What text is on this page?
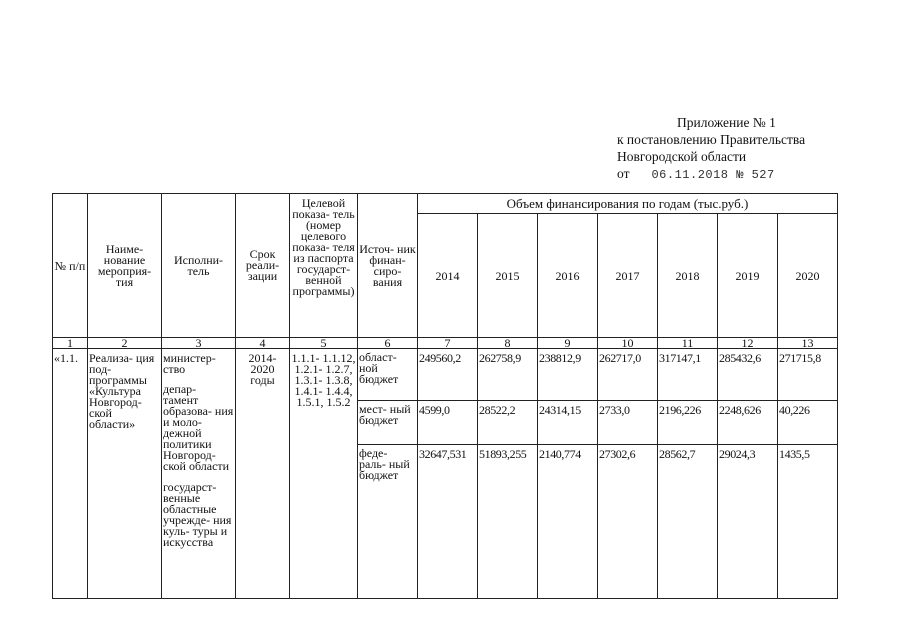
Приложение № 1
к постановлению Правительства
Новгородской области
от 06.11.2018 № 527
№ п/п	Наиме- нование мероприя- тия	Исполни- тель	Срок реали- зации	Целевой показа- тель (номер целевого показа- теля из паспорта государст- венной программы)	Источ- ник финан- сиро- вания	Объем финансирования по годам (тыс.руб.)						
						2014	2015	2016	2017	2018	2019	2020
1	2	3	4	5	6	7	8	9	10	11	12	13
«1.1.	Реализа- ция под- программы «Культура Новгород- ской области»	министер- ство
депар- тамент образова- ния и моло- дежной политики Новгород- ской области
государст- венные областные учрежде- ния куль- туры и искусства	2014- 2020 годы	1.1.1- 1.1.12, 1.2.1- 1.2.7, 1.3.1- 1.3.8, 1.4.1- 1.4.4, 1.5.1, 1.5.2	област- ной бюджет	249560,2	262758,9	238812,9	262717,0	317147,1	285432,6	271715,8
					мест- ный бюджет	4599,0	28522,2	24314,15	2733,0	2196,226	2248,626	40,226
					феде- раль- ный бюджет	32647,531	51893,255	2140,774	27302,6	28562,7	29024,3	1435,5
